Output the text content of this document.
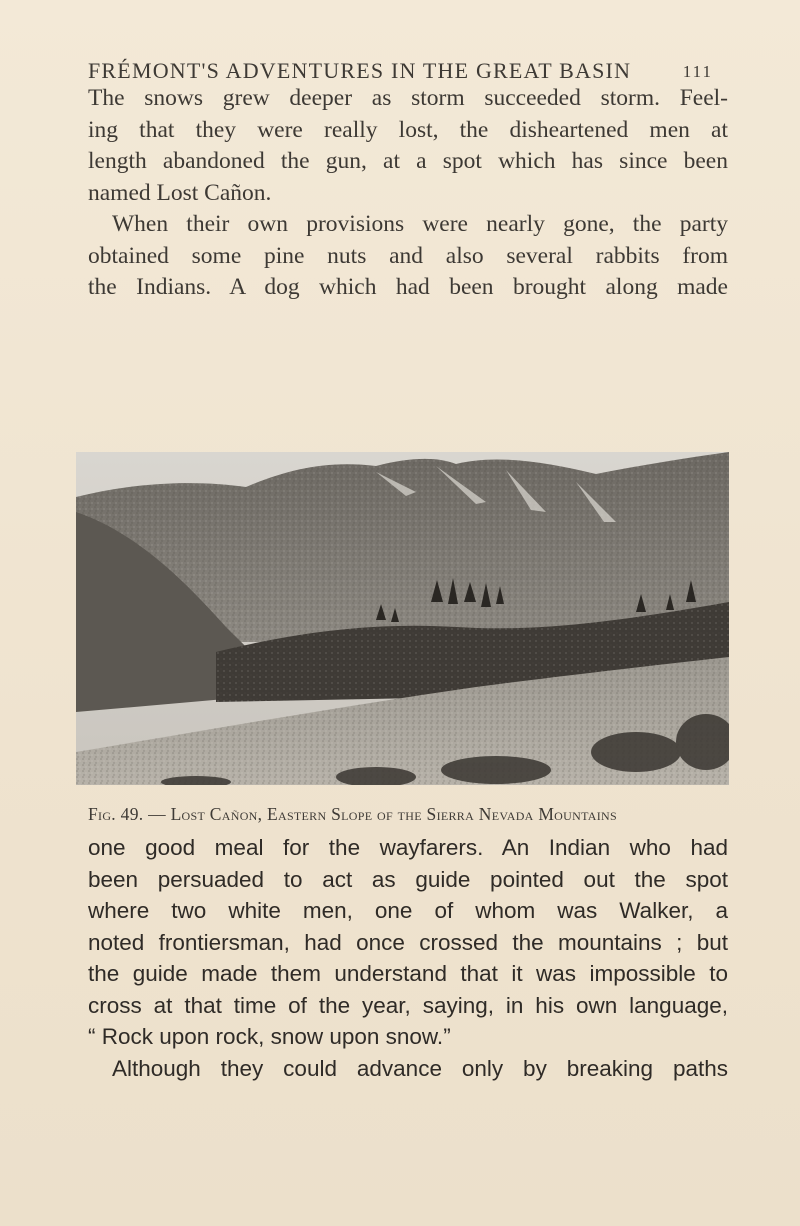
FRÉMONT'S ADVENTURES IN THE GREAT BASIN	111

The snows grew deeper as storm succeeded storm. Feel-

ing that they were really lost, the disheartened men at

length abandoned the gun, at a spot which has since been

named Lost Cañon.

When their own provisions were nearly gone, the party

obtained some pine nuts and also several rabbits from

the Indians. A dog which had been brought along made

Fig. 49. — Lost Cañon, Eastern Slope of the Sierra Nevada Mountains

one good meal for the wayfarers. An Indian who had

been persuaded to act as guide pointed out the spot

where two white men, one of whom was Walker, a

noted frontiersman, had once crossed the mountains ; but

the guide made them understand that it was impossible to

cross at that time of the year, saying, in his own language,

“ Rock upon rock, snow upon snow.”

Although they could advance only by breaking paths
